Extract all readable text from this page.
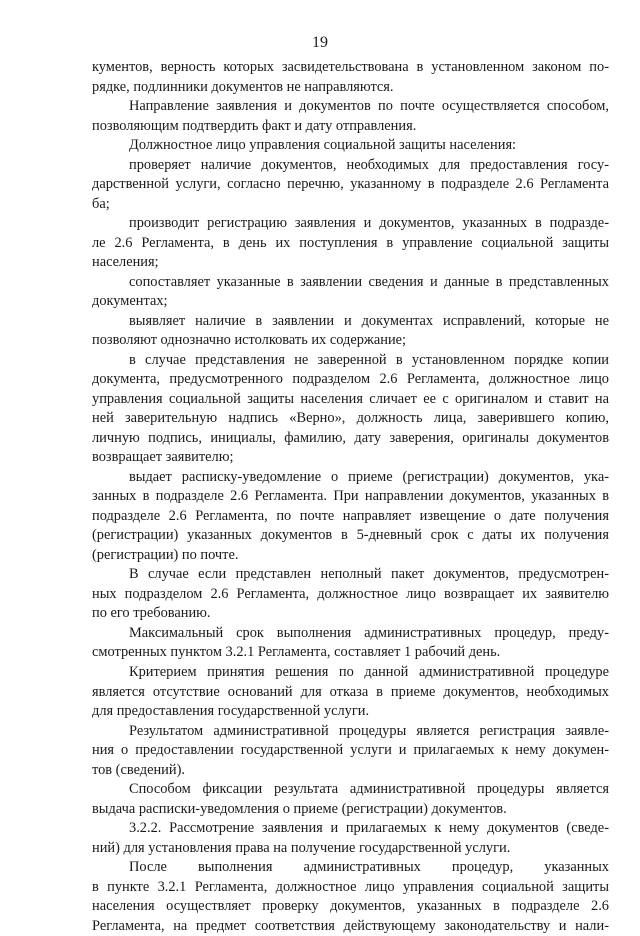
19
кументов, верность которых засвидетельствована в установленном законом по-
рядке, подлинники документов не направляются.
Направление заявления и документов по почте осуществляется способом,
позволяющим подтвердить факт и дату отправления.
Должностное лицо управления социальной защиты населения:
проверяет наличие документов, необходимых для предоставления госу-
дарственной услуги, согласно перечню, указанному в подразделе 2.6 Регламента
ба;
производит регистрацию заявления и документов, указанных в подразде-
ле 2.6 Регламента, в день их поступления в управление социальной защиты
населения;
сопоставляет указанные в заявлении сведения и данные в представленных
документах;
выявляет наличие в заявлении и документах исправлений, которые не
позволяют однозначно истолковать их содержание;
в случае представления не заверенной в установленном порядке копии
документа, предусмотренного подразделом 2.6 Регламента, должностное лицо
управления социальной защиты населения сличает ее с оригиналом и ставит на
ней заверительную надпись «Верно», должность лица, заверившего копию,
личную подпись, инициалы, фамилию, дату заверения, оригиналы документов
возвращает заявителю;
выдает расписку-уведомление о приеме (регистрации) документов, ука-
занных в подразделе 2.6 Регламента. При направлении документов, указанных в
подразделе 2.6 Регламента, по почте направляет извещение о дате получения
(регистрации) указанных документов в 5-дневный срок с даты их получения
(регистрации) по почте.
В случае если представлен неполный пакет документов, предусмотрен-
ных подразделом 2.6 Регламента, должностное лицо возвращает их заявителю
по его требованию.
Максимальный срок выполнения административных процедур, преду-
смотренных пунктом 3.2.1 Регламента, составляет 1 рабочий день.
Критерием принятия решения по данной административной процедуре
является отсутствие оснований для отказа в приеме документов, необходимых
для предоставления государственной услуги.
Результатом административной процедуры является регистрация заявле-
ния о предоставлении государственной услуги и прилагаемых к нему докумен-
тов (сведений).
Способом фиксации результата административной процедуры является
выдача расписки-уведомления о приеме (регистрации) документов.
3.2.2. Рассмотрение заявления и прилагаемых к нему документов (сведе-
ний) для установления права на получение государственной услуги.
После выполнения административных процедур, указанных
в пункте 3.2.1 Регламента, должностное лицо управления социальной защиты
населения осуществляет проверку документов, указанных в подразделе 2.6
Регламента, на предмет соответствия действующему законодательству и нали-
